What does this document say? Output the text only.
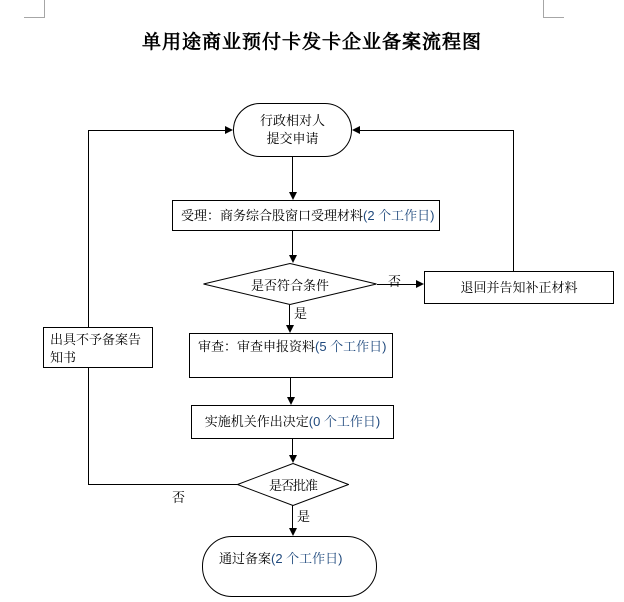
单用途商业预付卡发卡企业备案流程图
是
否
是
否
行政相对人
提交申请
受理：商务综合股窗口受理材料 (2 个工作日)
是否符合条件	退回并告知补正材料
出具不予备案告知书
审查：审查申报资料(5 个工作日)
实施机关作出决定 (0 个工作日)
是否批准
通过备案(2 个工作日)
